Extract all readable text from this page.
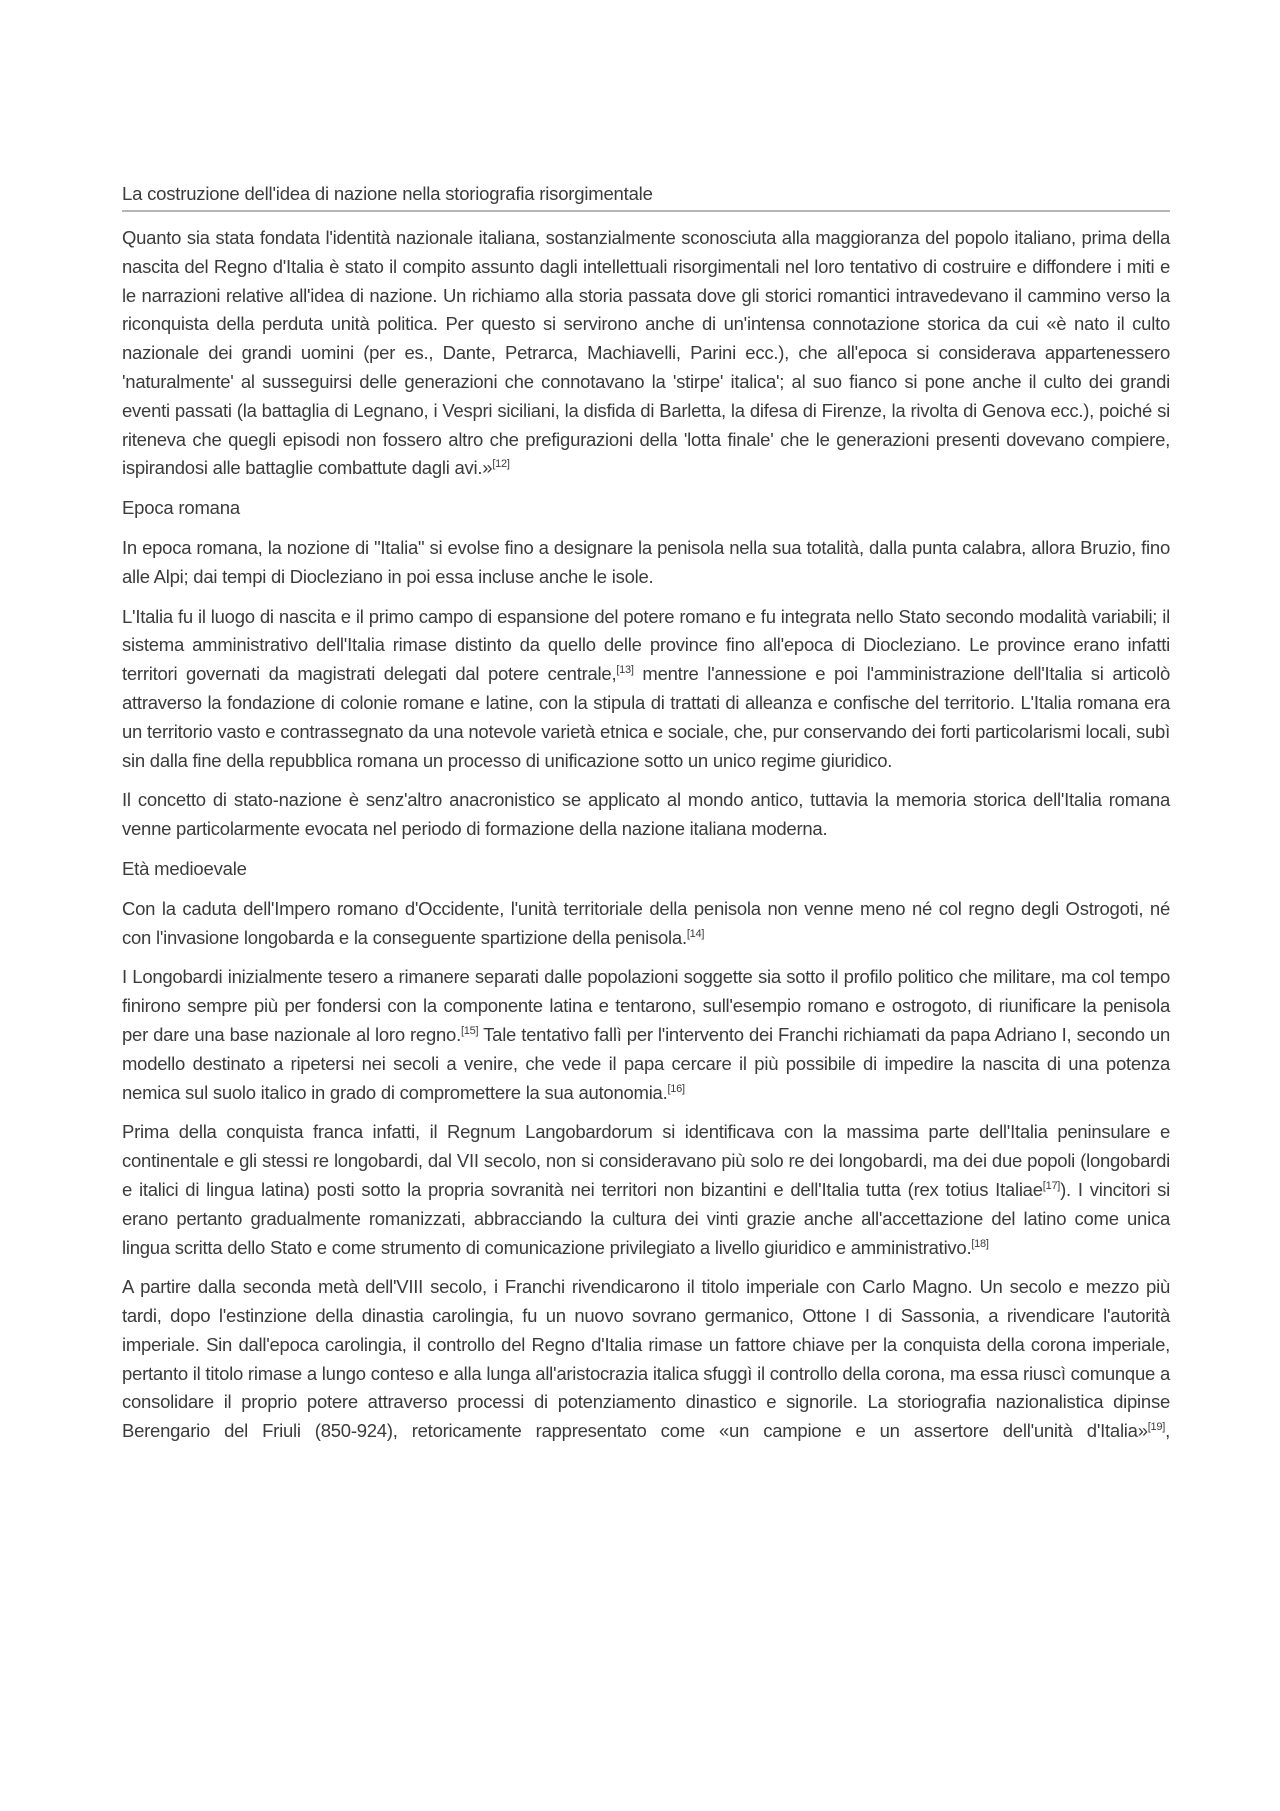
La costruzione dell'idea di nazione nella storiografia risorgimentale

Quanto sia stata fondata l'identità nazionale italiana, sostanzialmente sconosciuta alla maggioranza del popolo italiano, prima della nascita del Regno d'Italia è stato il compito assunto dagli intellettuali risorgimentali nel loro tentativo di costruire e diffondere i miti e le narrazioni relative all'idea di nazione. Un richiamo alla storia passata dove gli storici romantici intravedevano il cammino verso la riconquista della perduta unità politica. Per questo si servirono anche di un'intensa connotazione storica da cui «è nato il culto nazionale dei grandi uomini (per es., Dante, Petrarca, Machiavelli, Parini ecc.), che all'epoca si considerava appartenessero 'naturalmente' al susseguirsi delle generazioni che connotavano la 'stirpe' italica'; al suo fianco si pone anche il culto dei grandi eventi passati (la battaglia di Legnano, i Vespri siciliani, la disfida di Barletta, la difesa di Firenze, la rivolta di Genova ecc.), poiché si riteneva che quegli episodi non fossero altro che prefigurazioni della 'lotta finale' che le generazioni presenti dovevano compiere, ispirandosi alle battaglie combattute dagli avi.»[12]

Epoca romana

In epoca romana, la nozione di "Italia" si evolse fino a designare la penisola nella sua totalità, dalla punta calabra, allora Bruzio, fino alle Alpi; dai tempi di Diocleziano in poi essa incluse anche le isole.

L'Italia fu il luogo di nascita e il primo campo di espansione del potere romano e fu integrata nello Stato secondo modalità variabili; il sistema amministrativo dell'Italia rimase distinto da quello delle province fino all'epoca di Diocleziano. Le province erano infatti territori governati da magistrati delegati dal potere centrale,[13] mentre l'annessione e poi l'amministrazione dell'Italia si articolò attraverso la fondazione di colonie romane e latine, con la stipula di trattati di alleanza e confische del territorio. L'Italia romana era un territorio vasto e contrassegnato da una notevole varietà etnica e sociale, che, pur conservando dei forti particolarismi locali, subì sin dalla fine della repubblica romana un processo di unificazione sotto un unico regime giuridico.

Il concetto di stato-nazione è senz'altro anacronistico se applicato al mondo antico, tuttavia la memoria storica dell'Italia romana venne particolarmente evocata nel periodo di formazione della nazione italiana moderna.

Età medioevale

Con la caduta dell'Impero romano d'Occidente, l'unità territoriale della penisola non venne meno né col regno degli Ostrogoti, né con l'invasione longobarda e la conseguente spartizione della penisola.[14]

I Longobardi inizialmente tesero a rimanere separati dalle popolazioni soggette sia sotto il profilo politico che militare, ma col tempo finirono sempre più per fondersi con la componente latina e tentarono, sull'esempio romano e ostrogoto, di riunificare la penisola per dare una base nazionale al loro regno.[15] Tale tentativo fallì per l'intervento dei Franchi richiamati da papa Adriano I, secondo un modello destinato a ripetersi nei secoli a venire, che vede il papa cercare il più possibile di impedire la nascita di una potenza nemica sul suolo italico in grado di compromettere la sua autonomia.[16]

Prima della conquista franca infatti, il Regnum Langobardorum si identificava con la massima parte dell'Italia peninsulare e continentale e gli stessi re longobardi, dal VII secolo, non si consideravano più solo re dei longobardi, ma dei due popoli (longobardi e italici di lingua latina) posti sotto la propria sovranità nei territori non bizantini e dell'Italia tutta (rex totius Italiae[17]). I vincitori si erano pertanto gradualmente romanizzati, abbracciando la cultura dei vinti grazie anche all'accettazione del latino come unica lingua scritta dello Stato e come strumento di comunicazione privilegiato a livello giuridico e amministrativo.[18]

A partire dalla seconda metà dell'VIII secolo, i Franchi rivendicarono il titolo imperiale con Carlo Magno. Un secolo e mezzo più tardi, dopo l'estinzione della dinastia carolingia, fu un nuovo sovrano germanico, Ottone I di Sassonia, a rivendicare l'autorità imperiale. Sin dall'epoca carolingia, il controllo del Regno d'Italia rimase un fattore chiave per la conquista della corona imperiale, pertanto il titolo rimase a lungo conteso e alla lunga all'aristocrazia italica sfuggì il controllo della corona, ma essa riuscì comunque a consolidare il proprio potere attraverso processi di potenziamento dinastico e signorile. La storiografia nazionalistica dipinse Berengario del Friuli (850-924), retoricamente rappresentato come «un campione e un assertore dell'unità d'Italia»[19],
